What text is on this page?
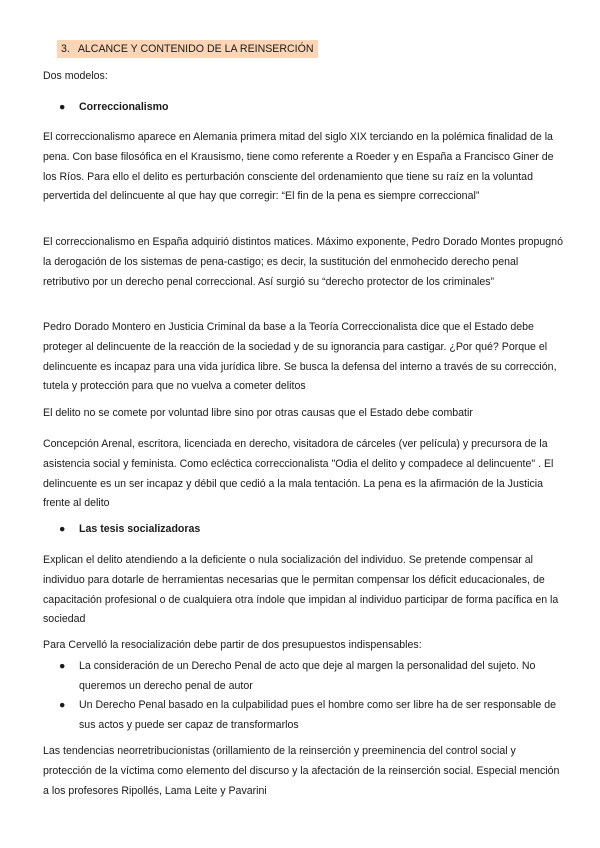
3. ALCANCE Y CONTENIDO DE LA REINSERCIÓN

Dos modelos:

● Correccionalismo

El correccionalismo aparece en Alemania primera mitad del siglo XIX terciando en la polémica finalidad de la pena. Con base filosófica en el Krausismo, tiene como referente a Roeder y en España a Francisco Giner de los Ríos. Para ello el delito es perturbación consciente del ordenamiento que tiene su raíz en la voluntad pervertida del delincuente al que hay que corregir: “El fin de la pena es siempre correccional”

El correccionalismo en España adquirió distintos matices. Máximo exponente, Pedro Dorado Montes propugnó la derogación de los sistemas de pena-castigo; es decir, la sustitución del enmohecido derecho penal retributivo por un derecho penal correccional. Así surgió su “derecho protector de los criminales”

Pedro Dorado Montero en Justicia Criminal da base a la Teoría Correccionalista dice que el Estado debe proteger al delincuente de la reacción de la sociedad y de su ignorancia para castigar. ¿Por qué? Porque el delincuente es incapaz para una vida jurídica libre. Se busca la defensa del interno a través de su corrección, tutela y protección para que no vuelva a cometer delitos

El delito no se comete por voluntad libre sino por otras causas que el Estado debe combatir

Concepción Arenal, escritora, licenciada en derecho, visitadora de cárceles (ver película) y precursora de la asistencia social y feminista. Como ecléctica correccionalista "Odia el delito y compadece al delincuente" . El delincuente es un ser incapaz y débil que cedió a la mala tentación. La pena es la afirmación de la Justicia frente al delito

● Las tesis socializadoras

Explican el delito atendiendo a la deficiente o nula socialización del individuo. Se pretende compensar al individuo para dotarle de herramientas necesarias que le permitan compensar los déficit educacionales, de capacitación profesional o de cualquiera otra índole que impidan al individuo participar de forma pacífica en la sociedad

Para Cervelló la resocialización debe partir de dos presupuestos indispensables:

●	La consideración de un Derecho Penal de acto que deje al margen la personalidad del sujeto. No queremos un derecho penal de autor
●	Un Derecho Penal basado en la culpabilidad pues el hombre como ser libre ha de ser responsable de sus actos y puede ser capaz de transformarlos

Las tendencias neorretribucionistas (orillamiento de la reinserción y preeminencia del control social y protección de la víctima como elemento del discurso y la afectación de la reinserción social. Especial mención a los profesores Ripollés, Lama Leite y Pavarini
